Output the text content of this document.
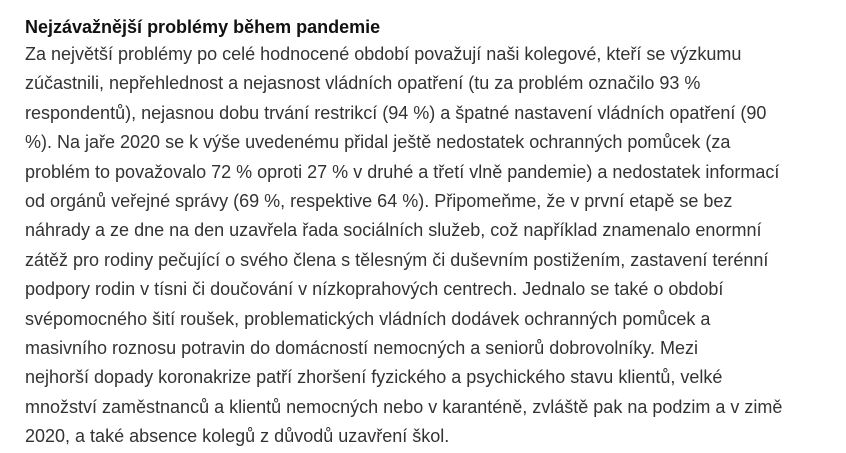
Nejzávažnější problémy během pandemie

Za největší problémy po celé hodnocené období považují naši kolegové, kteří se výzkumu
zúčastnili, nepřehlednost a nejasnost vládních opatření (tu za problém označilo 93 %
respondentů), nejasnou dobu trvání restrikcí (94 %) a špatné nastavení vládních opatření (90
%). Na jaře 2020 se k výše uvedenému přidal ještě nedostatek ochranných pomůcek (za
problém to považovalo 72 % oproti 27 % v druhé a třetí vlně pandemie) a nedostatek informací
od orgánů veřejné správy (69 %, respektive 64 %). Připomeňme, že v první etapě se bez
náhrady a ze dne na den uzavřela řada sociálních služeb, což například znamenalo enormní
zátěž pro rodiny pečující o svého člena s tělesným či duševním postižením, zastavení terénní
podpory rodin v tísni či doučování v nízkoprahových centrech. Jednalo se také o období
svépomocného šití roušek, problematických vládních dodávek ochranných pomůcek a
masivního roznosu potravin do domácností nemocných a seniorů dobrovolníky. Mezi
nejhorší dopady koronakrize patří zhoršení fyzického a psychického stavu klientů, velké
množství zaměstnanců a klientů nemocných nebo v karanténě, zvláště pak na podzim a v zimě
2020, a také absence kolegů z důvodů uzavření škol.
